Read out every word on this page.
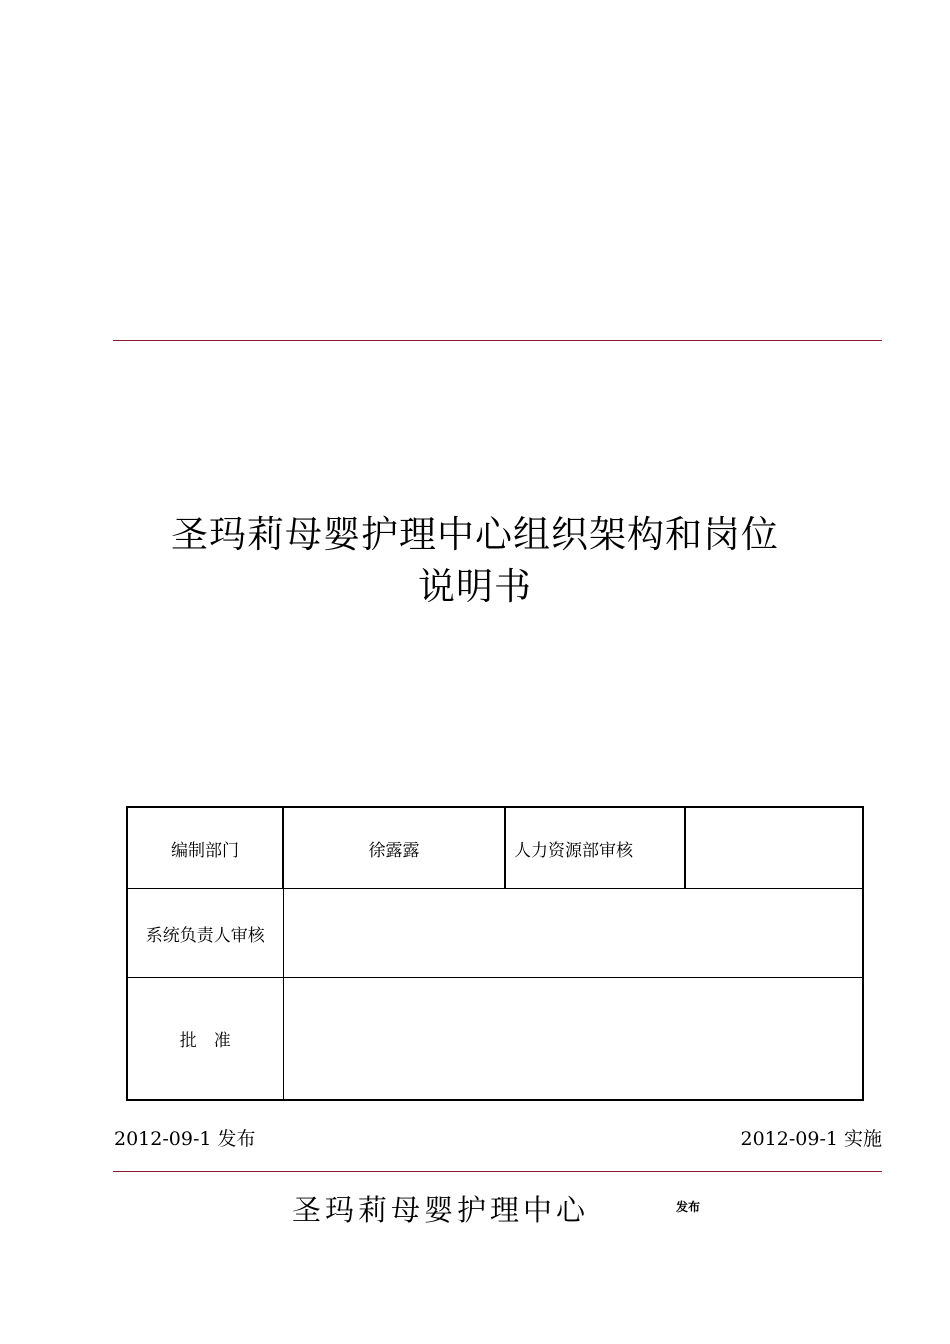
圣玛莉母婴护理中心组织架构和岗位
说明书
编制部门	徐露露	人力资源部审核	
系统负责人审核			
批　准			
2012-09-1 发布	2012-09-1 实施
圣玛莉母婴护理中心	发布
